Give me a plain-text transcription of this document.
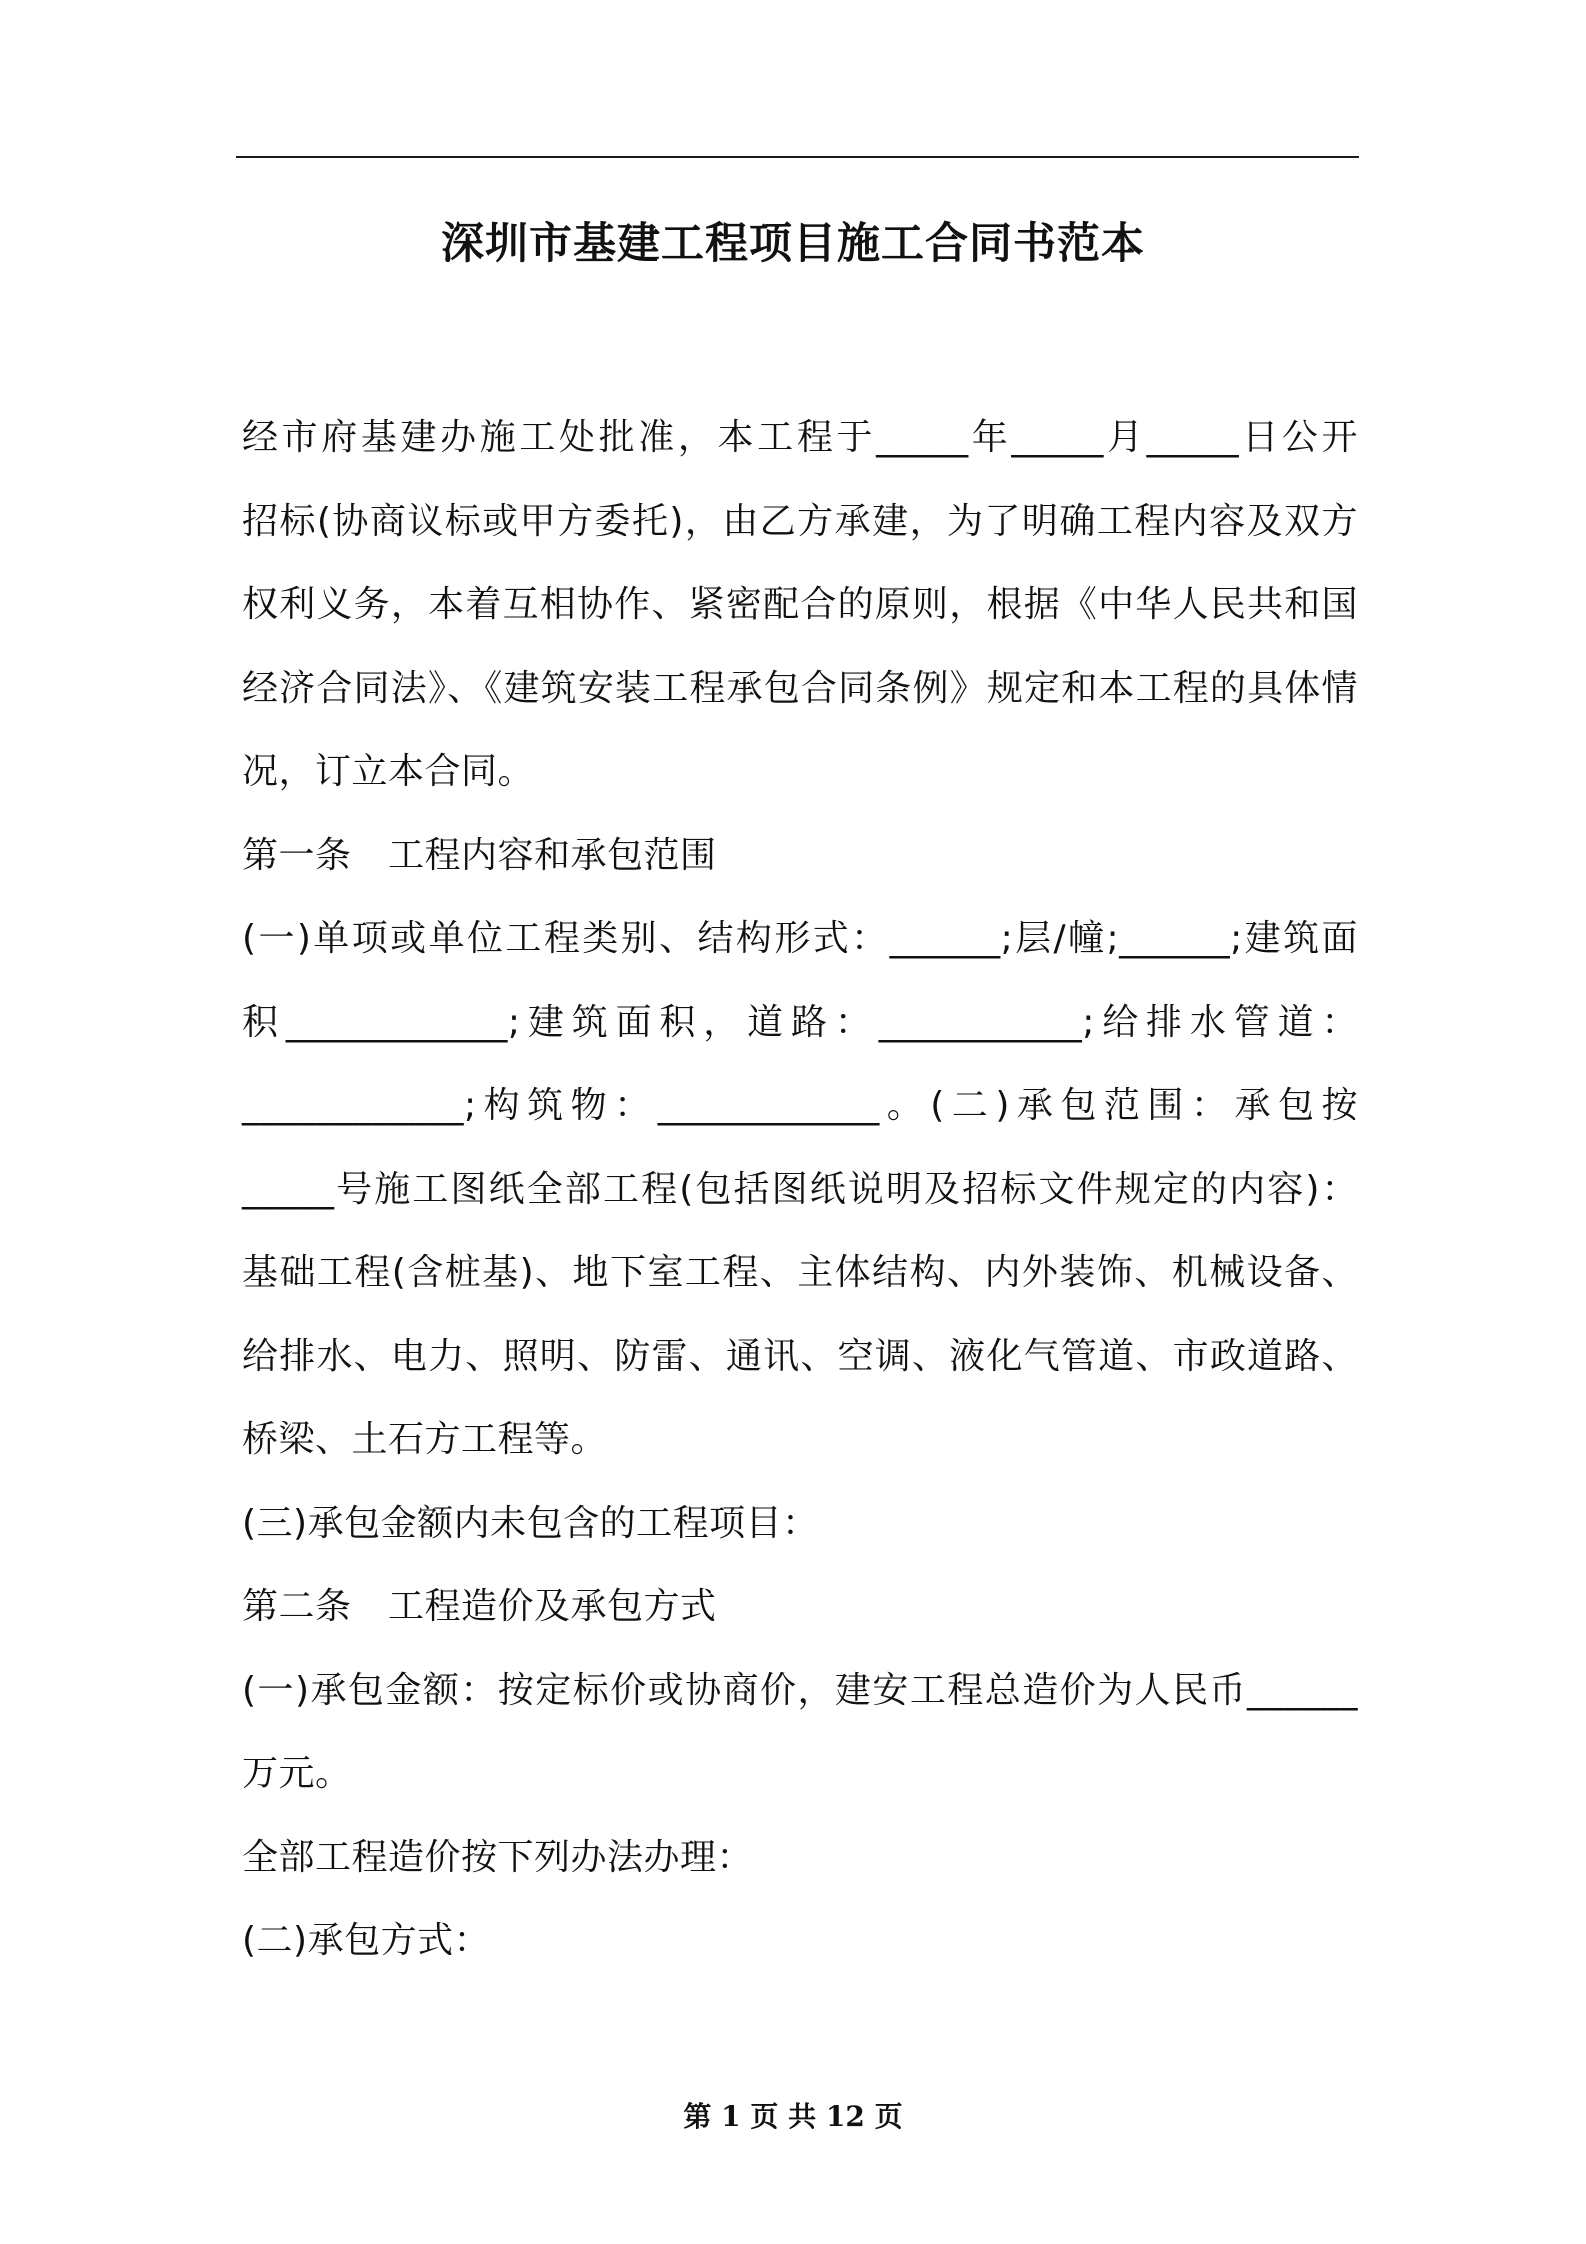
深圳市基建工程项目施工合同书范本
经市府基建办施工处批准，本工程于_____年_____月_____日公开
招标(协商议标或甲方委托)，由乙方承建，为了明确工程内容及双方
权利义务，本着互相协作、紧密配合的原则，根据《中华人民共和国
经济合同法》、《建筑安装工程承包合同条例》规定和本工程的具体情
况，订立本合同。
第一条　工程内容和承包范围
(一)单项或单位工程类别、结构形式：______;层/幢;______;建筑面
积____________;建筑面积，道路：___________;给排水管道：
____________;构筑物：____________。(二)承包范围：承包按
_____号施工图纸全部工程(包括图纸说明及招标文件规定的内容)：
基础工程(含桩基)、地下室工程、主体结构、内外装饰、机械设备、
给排水、电力、照明、防雷、通讯、空调、液化气管道、市政道路、
桥梁、土石方工程等。
(三)承包金额内未包含的工程项目：
第二条　工程造价及承包方式
(一)承包金额：按定标价或协商价，建安工程总造价为人民币______
万元。
全部工程造价按下列办法办理：
(二)承包方式：
第 1 页 共 12 页
